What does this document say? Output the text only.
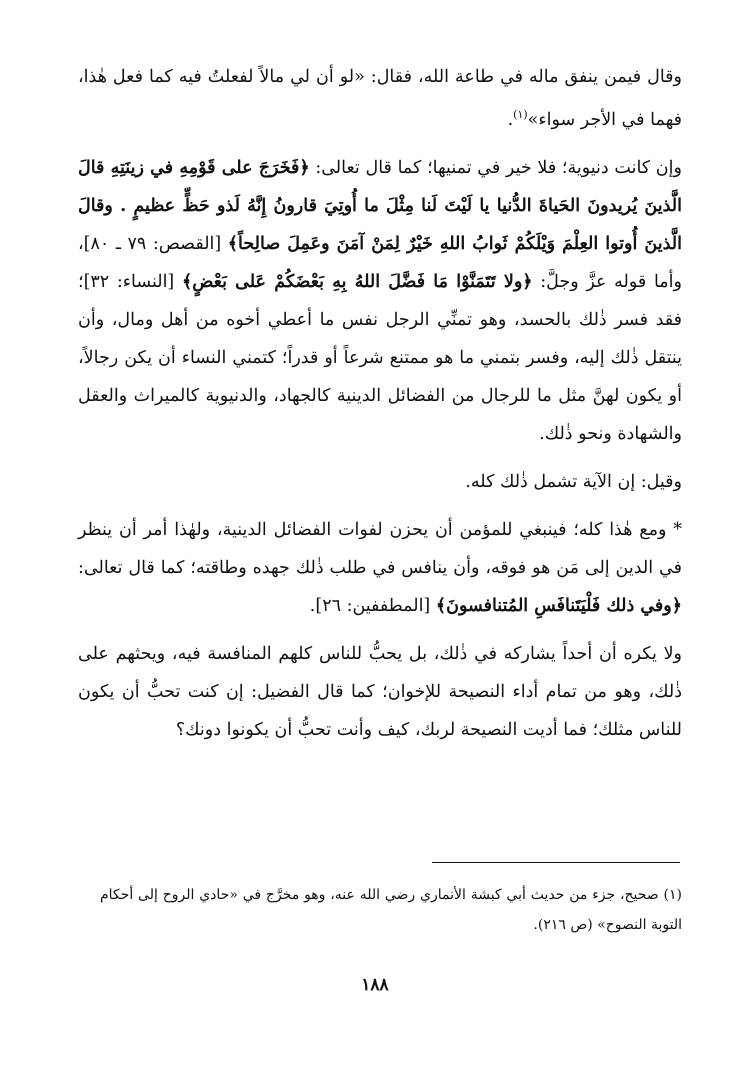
وقال فيمن ينفق ماله في طاعة الله، فقال: «لو أن لي مالاً لفعلتُ فيه كما فعل هٰذا، فهما في الأجر سواء»$^{(١)}$.

وإن كانت دنيوية؛ فلا خير في تمنيها؛ كما قال تعالى: ﴿فَخَرَجَ على قَوْمِهِ في زينَتِهِ قالَ الَّذينَ يُريدونَ الحَياةَ الدُّنيا يا لَيْتَ لَنا مِثْلَ ما أُوتِيَ قارونُ إِنَّهُ لَذو حَظٍّ عظيمٍ . وقالَ الَّذينَ أُوتوا العِلْمَ وَيْلَكُمْ ثَوابُ اللهِ خَيْرٌ لِمَنْ آمَنَ وعَمِلَ صالِحاً﴾ [القصص: ٧٩ ـ ٨٠]، وأما قوله عزَّ وجلَّ: ﴿ولا تَتَمَنَّوْا مَا فَضَّلَ اللهُ بِهِ بَعْضَكُمْ عَلى بَعْضٍ﴾ [النساء: ٣٢]؛ فقد فسر ذٰلك بالحسد، وهو تمنِّي الرجل نفس ما أعطي أخوه من أهل ومال، وأن ينتقل ذٰلك إليه، وفسر بتمني ما هو ممتنع شرعاً أو قدراً؛ كتمني النساء أن يكن رجالاً، أو يكون لهنَّ مثل ما للرجال من الفضائل الدينية كالجهاد، والدنيوية كالميراث والعقل والشهادة ونحو ذٰلك.

وقيل: إن الآية تشمل ذٰلك كله.

* ومع هٰذا كله؛ فينبغي للمؤمن أن يحزن لفوات الفضائل الدينية، ولهٰذا أمر أن ينظر في الدين إلى مَن هو فوقه، وأن ينافس في طلب ذٰلك جهده وطاقته؛ كما قال تعالى: ﴿وفي ذلك فَلْيَتَنافَسِ المُتنافسونَ﴾ [المطففين: ٢٦].

ولا يكره أن أحداً يشاركه في ذٰلك، بل يحبُّ للناس كلهم المنافسة فيه، ويحثهم على ذٰلك، وهو من تمام أداء النصيحة للإخوان؛ كما قال الفضيل: إن كنت تحبُّ أن يكون للناس مثلك؛ فما أديت النصيحة لربك، كيف وأنت تحبُّ أن يكونوا دونك؟

(١) صحيح، جزء من حديث أبي كبشة الأنماري رضي الله عنه، وهو مخرَّج في «حادي الروح إلى أحكام التوبة النصوح» (ص ٢١٦).

١٨٨
